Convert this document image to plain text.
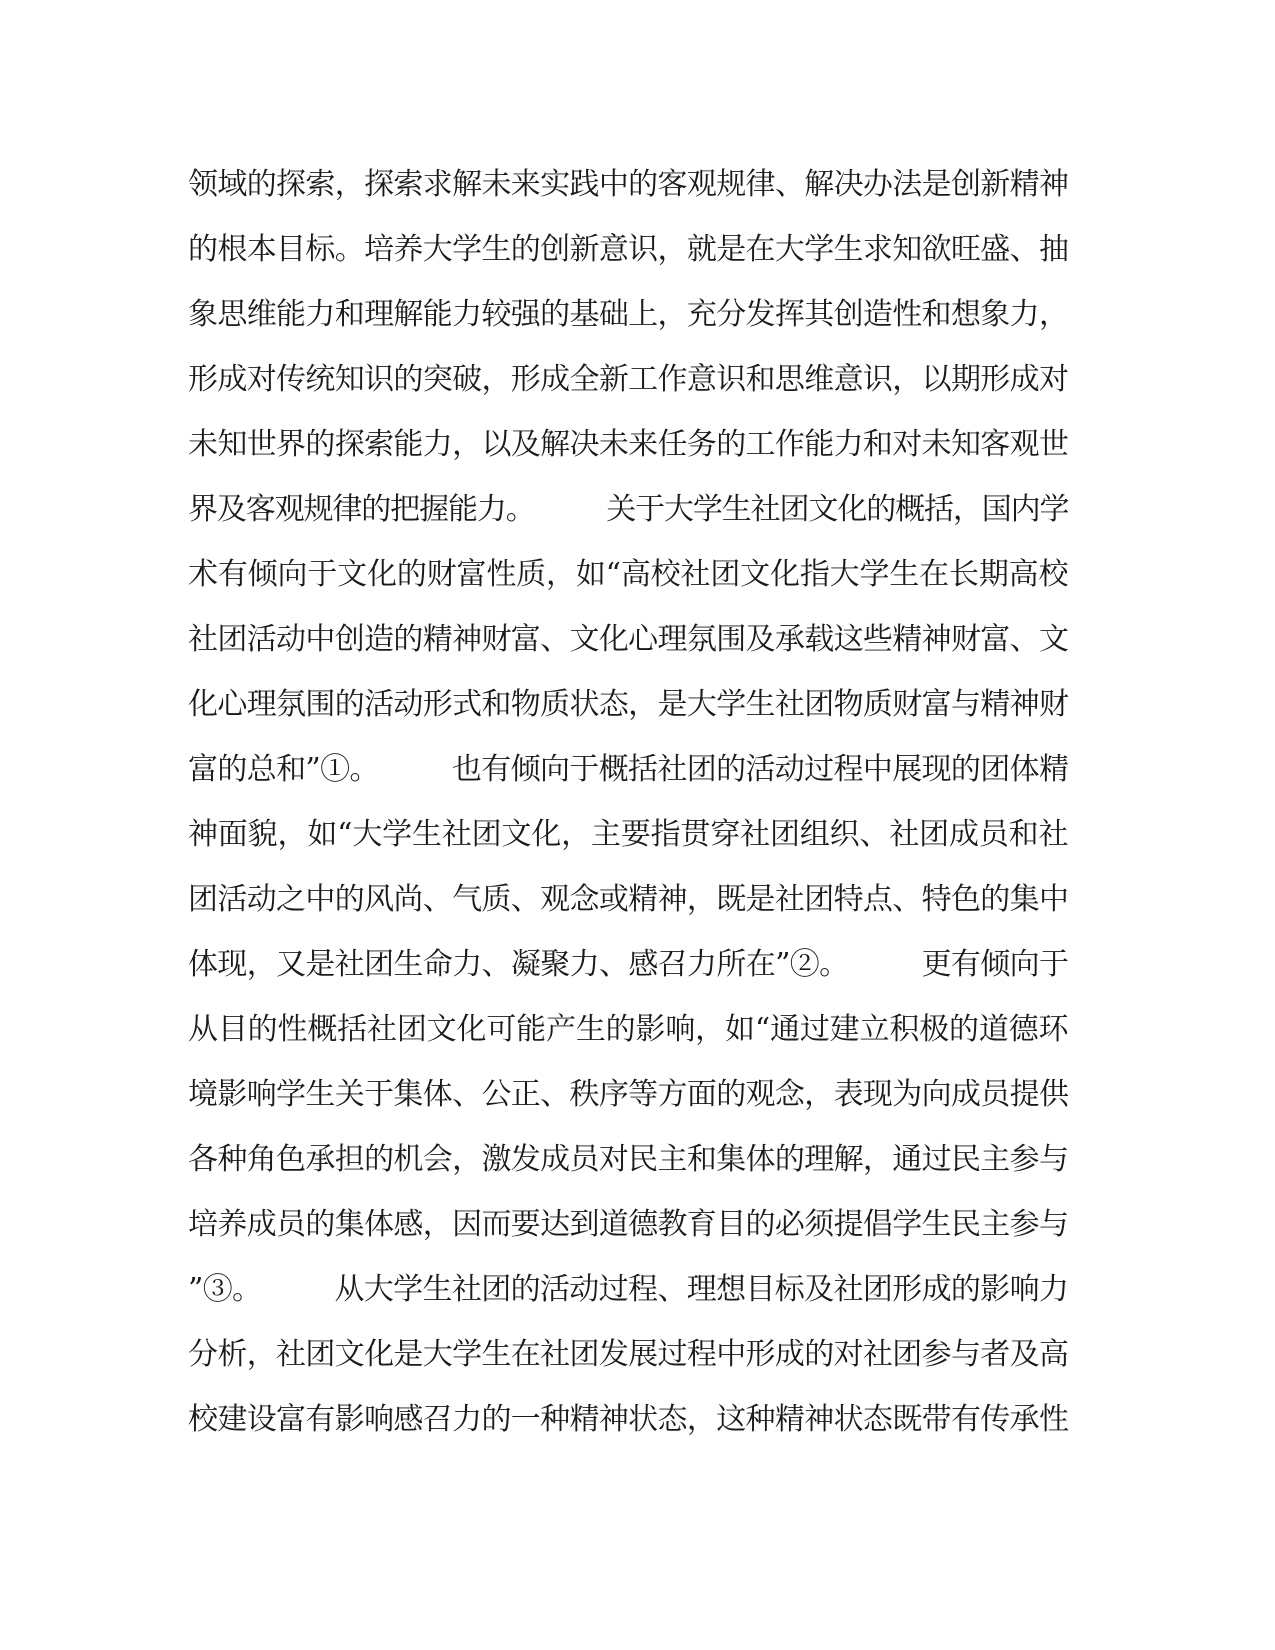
领域的探索，探索求解未来实践中的客观规律、解决办法是创新精神
的根本目标。培养大学生的创新意识，就是在大学生求知欲旺盛、抽
象思维能力和理解能力较强的基础上，充分发挥其创造性和想象力，
形成对传统知识的突破，形成全新工作意识和思维意识，以期形成对
未知世界的探索能力，以及解决未来任务的工作能力和对未知客观世
界及客观规律的把握能力。　　　关于大学生社团文化的概括，国内学
术有倾向于文化的财富性质，如“高校社团文化指大学生在长期高校
社团活动中创造的精神财富、文化心理氛围及承载这些精神财富、文
化心理氛围的活动形式和物质状态，是大学生社团物质财富与精神财
富的总和”①。　　　也有倾向于概括社团的活动过程中展现的团体精
神面貌，如“大学生社团文化，主要指贯穿社团组织、社团成员和社
团活动之中的风尚、气质、观念或精神，既是社团特点、特色的集中
体现，又是社团生命力、凝聚力、感召力所在”②。　　　更有倾向于
从目的性概括社团文化可能产生的影响，如“通过建立积极的道德环
境影响学生关于集体、公正、秩序等方面的观念，表现为向成员提供
各种角色承担的机会，激发成员对民主和集体的理解，通过民主参与
培养成员的集体感，因而要达到道德教育目的必须提倡学生民主参与
”③。　　　从大学生社团的活动过程、理想目标及社团形成的影响力
分析，社团文化是大学生在社团发展过程中形成的对社团参与者及高
校建设富有影响感召力的一种精神状态，这种精神状态既带有传承性
